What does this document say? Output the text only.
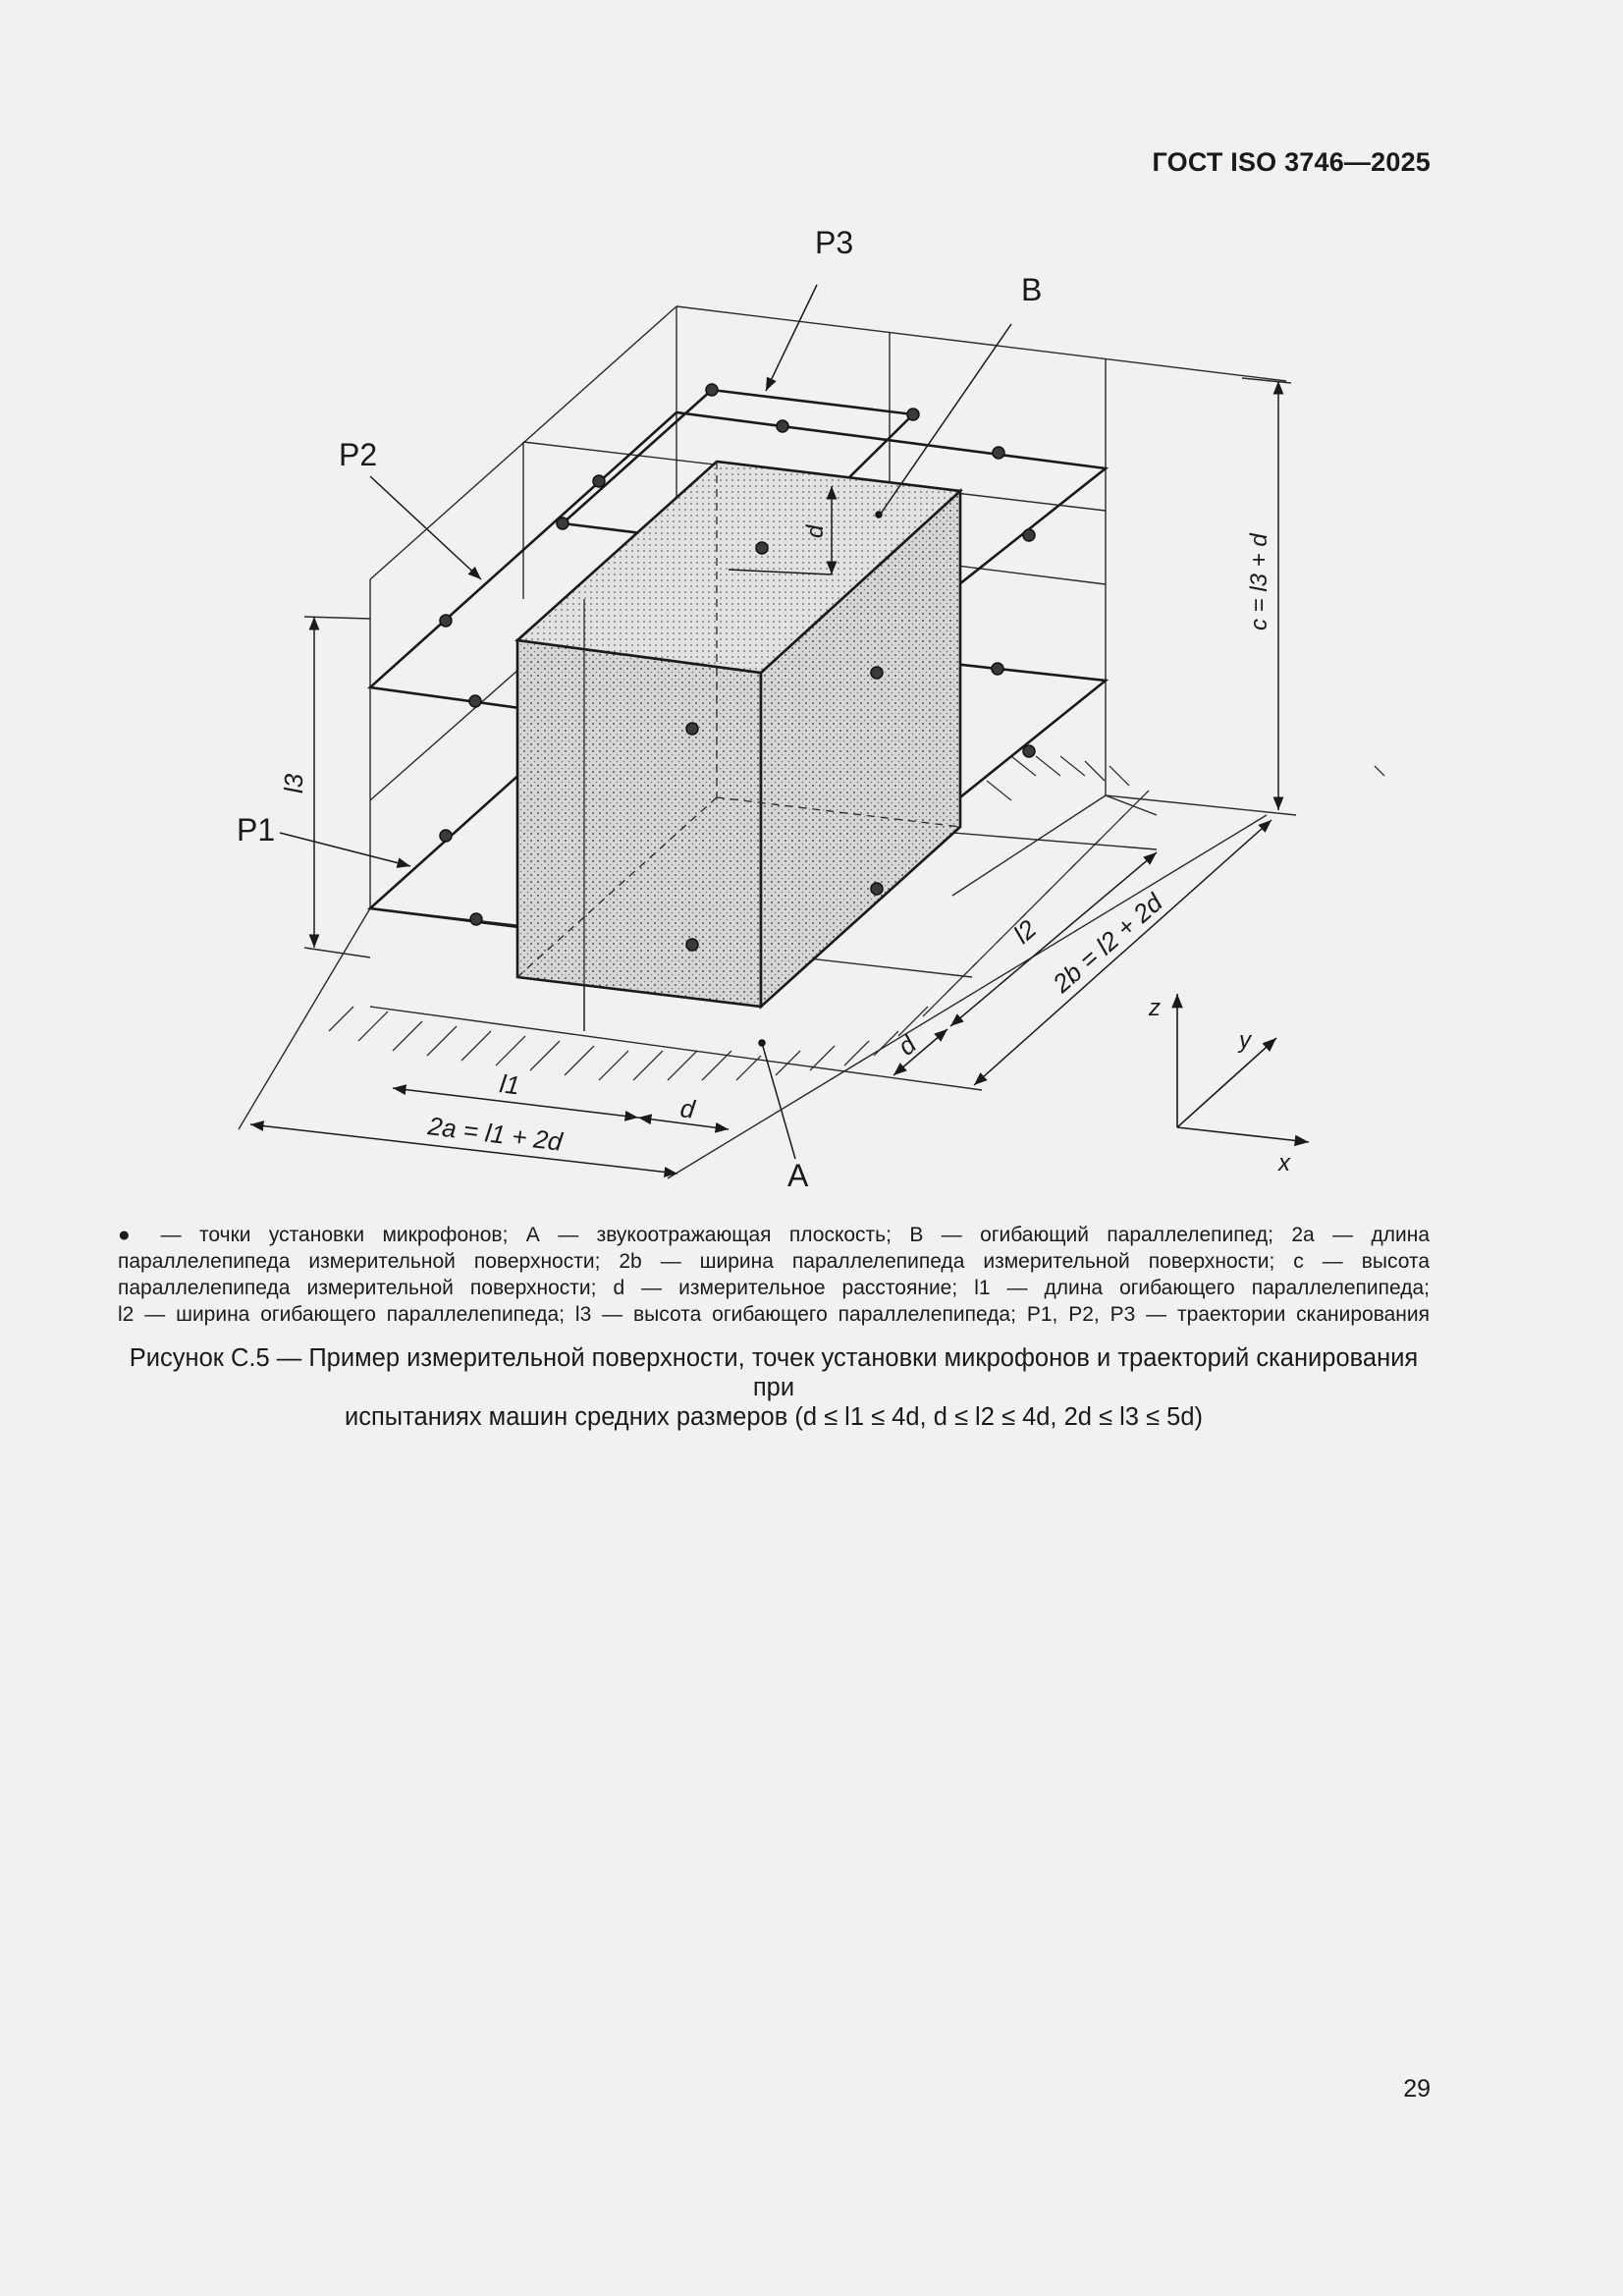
ГОСТ ISO 3746—2025
P3
B
P2
P1
A
l3
c = l3 + d
d
l1
d
2a = l1 + 2d
l2 2b = l2 + 2d
d
z
y
x
● — точки установки микрофонов; А — звукоотражающая плоскость; В — огибающий параллелепипед; 2a — длина
параллелепипеда измерительной поверхности; 2b — ширина параллелепипеда измерительной поверхности; c — высота
параллелепипеда измерительной поверхности; d — измерительное расстояние; l1 — длина огибающего параллелепипеда;
l2 — ширина огибающего параллелепипеда; l3 — высота огибающего параллелепипеда; P1, P2, P3 — траектории сканирования
Рисунок С.5 — Пример измерительной поверхности, точек установки микрофонов и траекторий сканирования при
испытаниях машин средних размеров (d ≤ l1 ≤ 4d, d ≤ l2 ≤ 4d, 2d ≤ l3 ≤ 5d)
29
